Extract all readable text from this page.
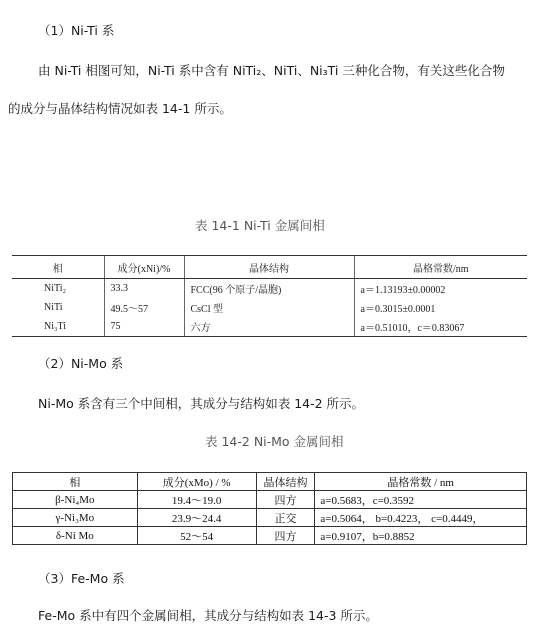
（1）Ni-Ti 系
由 Ni-Ti 相图可知，Ni-Ti 系中含有 NiTi₂、NiTi、Ni₃Ti 三种化合物，有关这些化合物
的成分与晶体结构情况如表 14-1 所示。
表 14-1 Ni-Ti 金属间相
相	成分(xNi)/%	晶体结构	晶格常数/nm
NiTi₂	33.3	FCC(96 个原子/晶胞)	a＝1.13193±0.00002
NiTi	49.5～57	CsCl 型	a＝0.3015±0.0001
Ni₃Ti	75	六方	a＝0.51010，c＝0.83067
（2）Ni-Mo 系
Ni-Mo 系含有三个中间相，其成分与结构如表 14-2 所示。
表 14-2 Ni-Mo 金属间相
相	成分(xMo) / %	晶体结构	晶格常数 / nm
β-Ni₄Mo	19.4～19.0	四方	a=0.5683，c=0.3592
γ-Ni₃Mo	23.9～24.4	正交	a=0.5064， b=0.4223， c=0.4449，
δ-Ni Mo	52～54	四方	a=0.9107，b=0.8852
（3）Fe-Mo 系
Fe-Mo 系中有四个金属间相，其成分与结构如表 14-3 所示。
